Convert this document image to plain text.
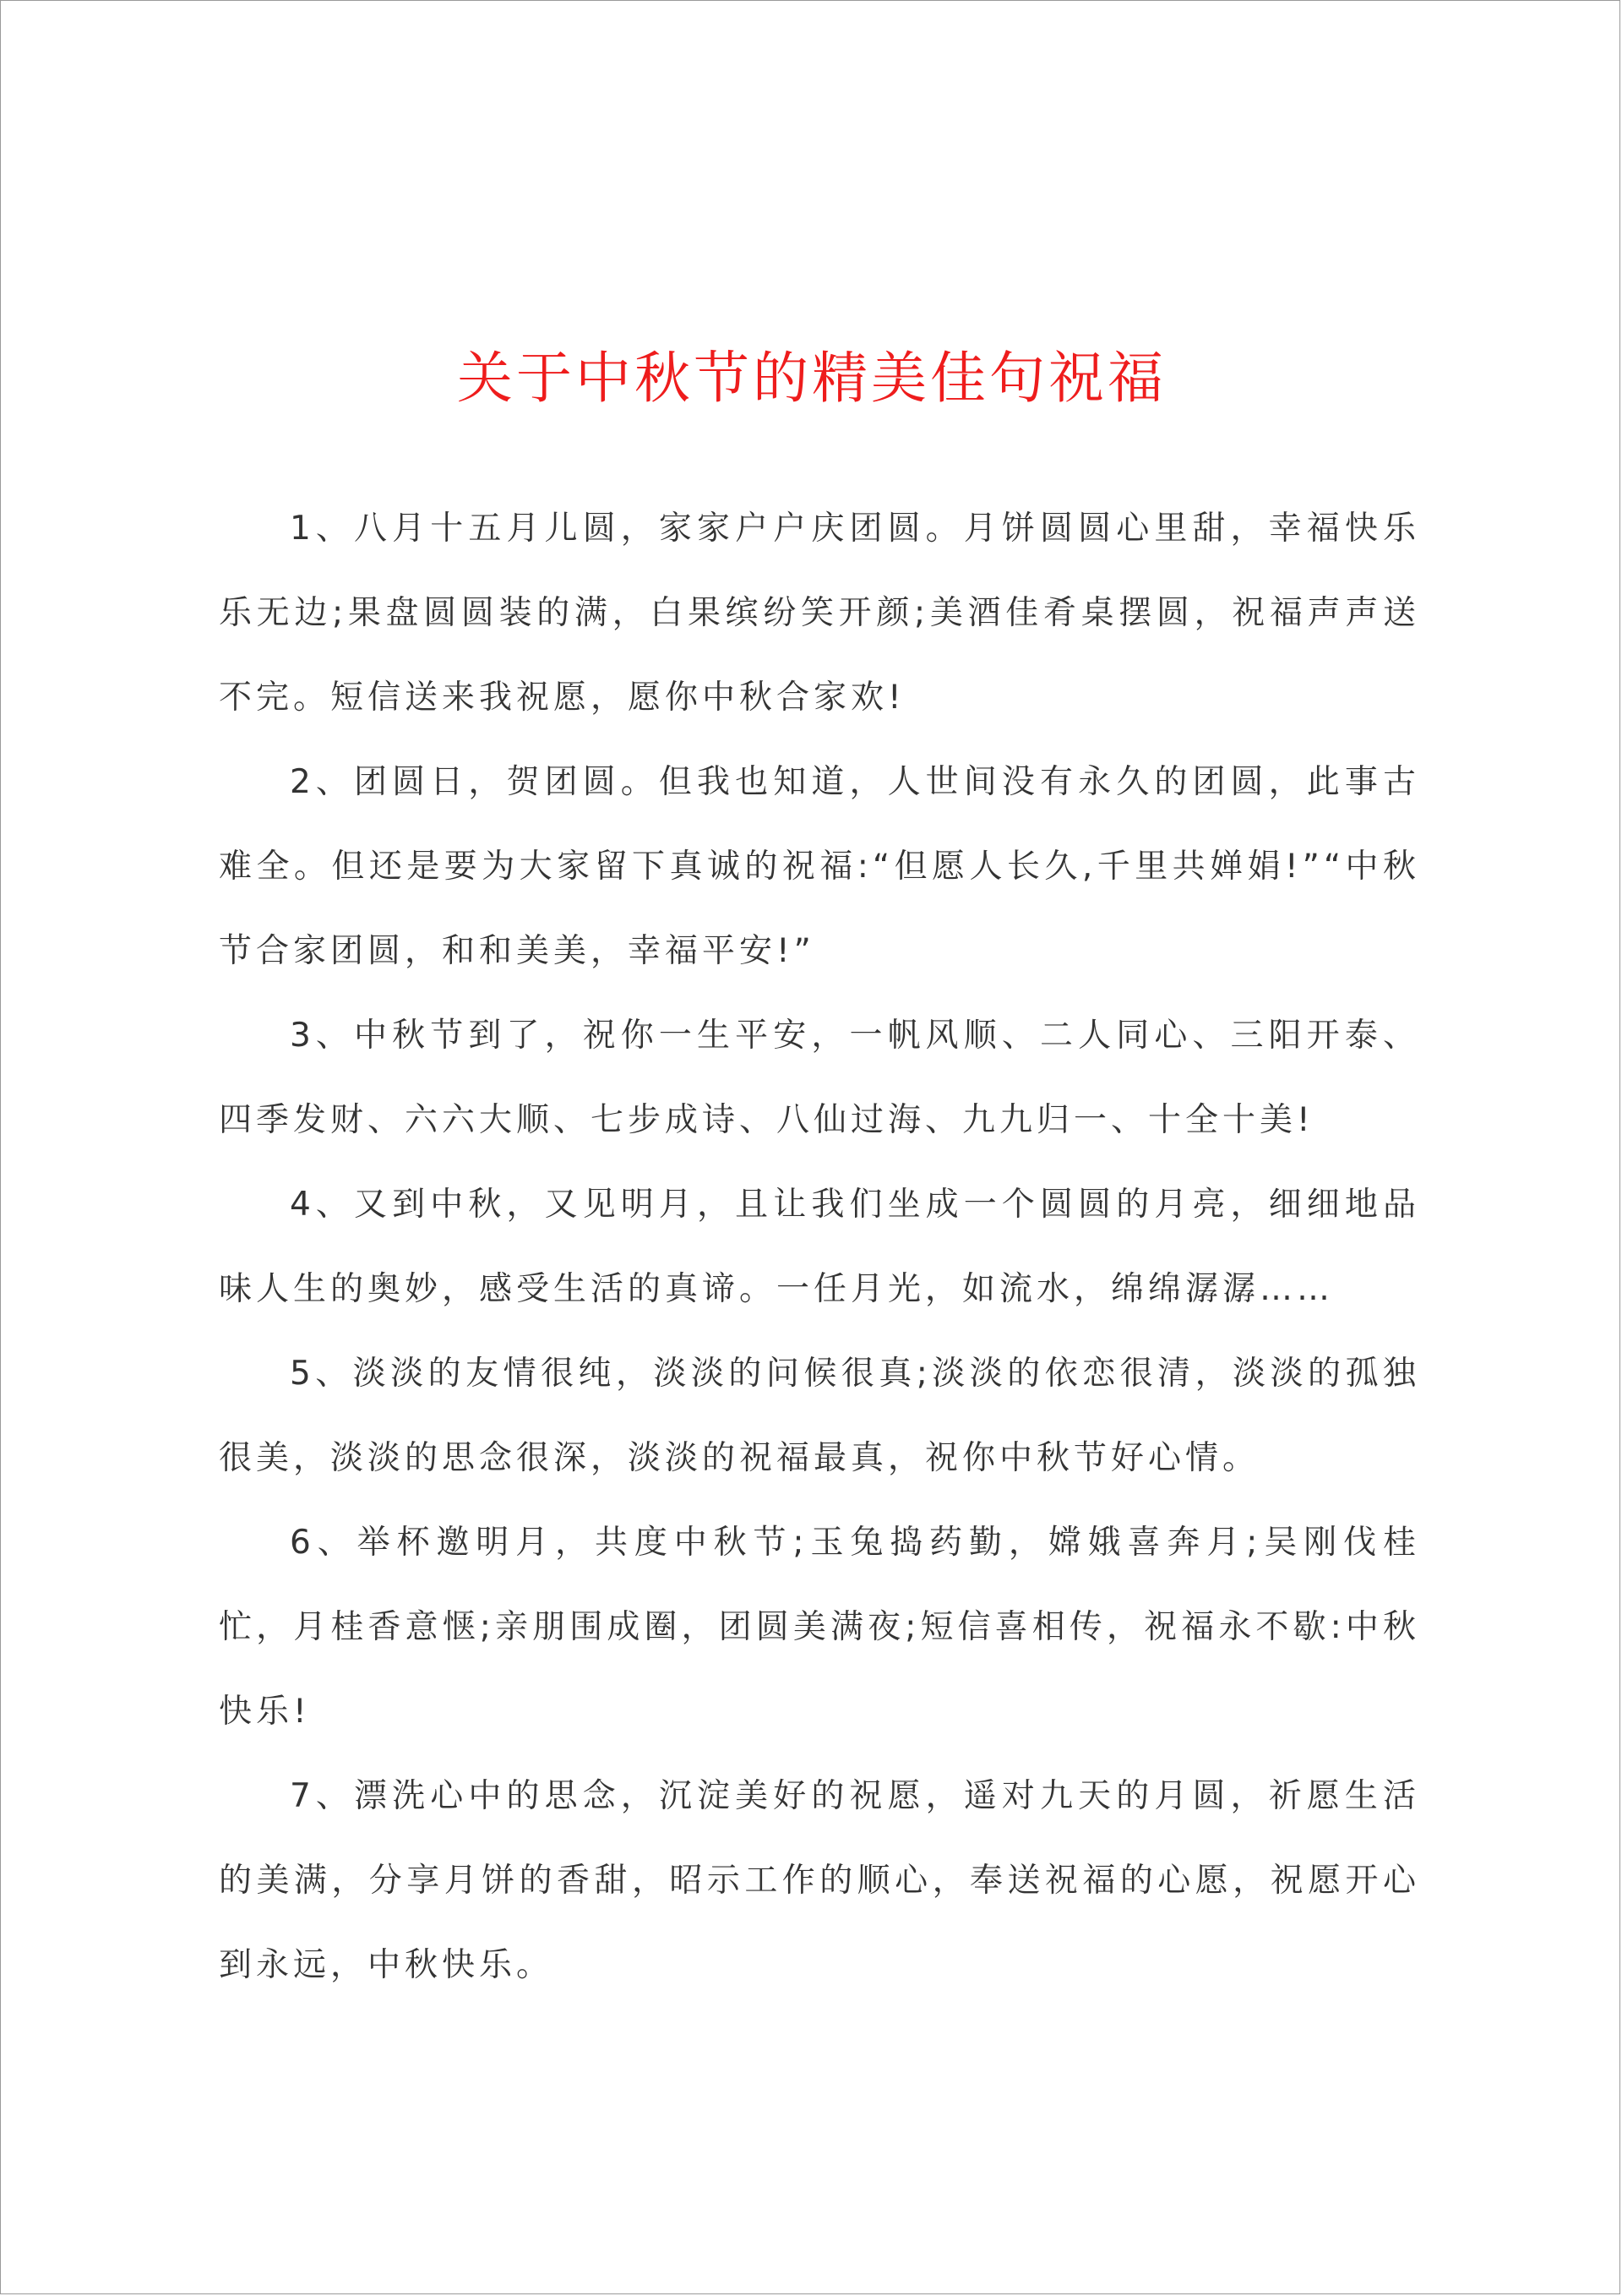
关于中秋节的精美佳句祝福

1、八月十五月儿圆，家家户户庆团圆。月饼圆圆心里甜，幸福快乐乐无边;果盘圆圆装的满，白果缤纷笑开颜;美酒佳肴桌摆圆，祝福声声送不完。短信送来我祝愿，愿你中秋合家欢!

2、团圆日，贺团圆。但我也知道，人世间没有永久的团圆，此事古难全。但还是要为大家留下真诚的祝福:“但愿人长久,千里共婵娟!”“中秋节合家团圆，和和美美，幸福平安!”

3、中秋节到了，祝你一生平安，一帆风顺、二人同心、三阳开泰、四季发财、六六大顺、七步成诗、八仙过海、九九归一、十全十美!

4、又到中秋，又见明月，且让我们坐成一个圆圆的月亮，细细地品味人生的奥妙，感受生活的真谛。一任月光，如流水，绵绵潺潺……

5、淡淡的友情很纯，淡淡的问候很真;淡淡的依恋很清，淡淡的孤独很美，淡淡的思念很深，淡淡的祝福最真，祝你中秋节好心情。

6、举杯邀明月，共度中秋节;玉兔捣药勤，嫦娥喜奔月;吴刚伐桂忙，月桂香意惬;亲朋围成圈，团圆美满夜;短信喜相传，祝福永不歇:中秋快乐!

7、漂洗心中的思念，沉淀美好的祝愿，遥对九天的月圆，祈愿生活的美满，分享月饼的香甜，昭示工作的顺心，奉送祝福的心愿，祝愿开心到永远，中秋快乐。
